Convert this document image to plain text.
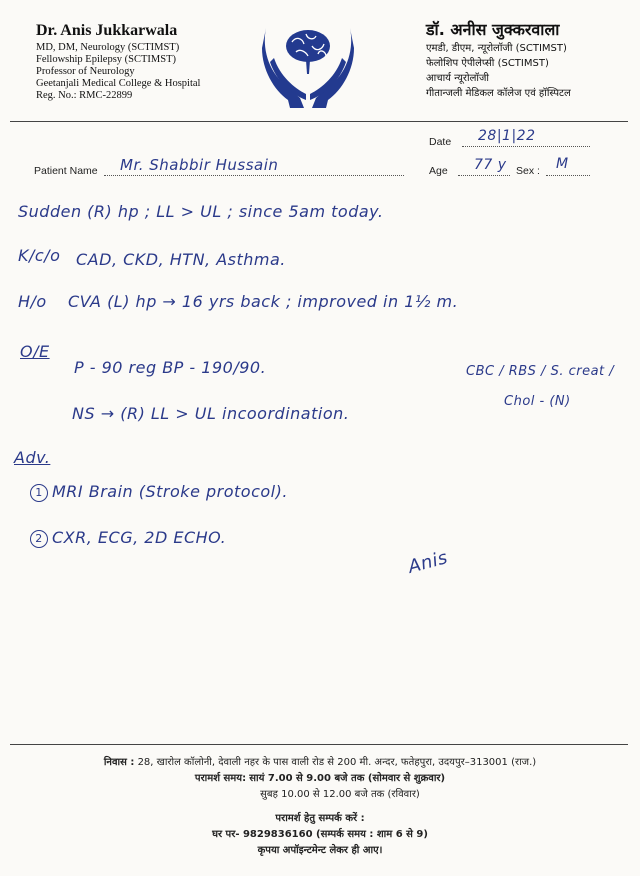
Dr. Anis Jukkarwala
MD, DM, Neurology (SCTIMST)
Fellowship Epilepsy (SCTIMST)
Professor of Neurology
Geetanjali Medical College & Hospital
Reg. No.: RMC-22899
डॉ. अनीस जुक्करवाला
एमडी, डीएम, न्यूरोलॉजी (SCTIMST)
फेलोशिप ऐपीलेप्सी (SCTIMST)
आचार्य न्यूरोलॉजी
गीतान्जली मेडिकल कॉलेज एवं हॉस्पिटल
Date 28|1|22
Patient Name Mr. Shabbir Hussain	Age 77 y Sex : M
Sudden (R) hp ; LL > UL ; since 5am today.
K/c/o CAD, CKD, HTN, Asthma.
H/o CVA (L) hp → 16 yrs back ; improved in 1½ m.
O/E
P - 90 reg BP - 190/90.
NS → (R) LL > UL incoordination.
CBC / RBS / S. creat /
Chol - (N)
Adv.
1 MRI Brain (Stroke protocol).
2 CXR, ECG, 2D ECHO.
Anis
निवास : 28, खारोल कॉलोनी, देवाली नहर के पास वाली रोड से 200 मी. अन्दर, फतेहपुरा, उदयपुर–313001 (राज.)
परामर्श समय: सायं 7.00 से 9.00 बजे तक (सोमवार से शुक्रवार)
सुबह 10.00 से 12.00 बजे तक (रविवार)
परामर्श हेतु सम्पर्क करें :
घर पर- 9829836160 (सम्पर्क समय : शाम 6 से 9)
कृपया अपॉइन्टमेन्ट लेकर ही आए।
